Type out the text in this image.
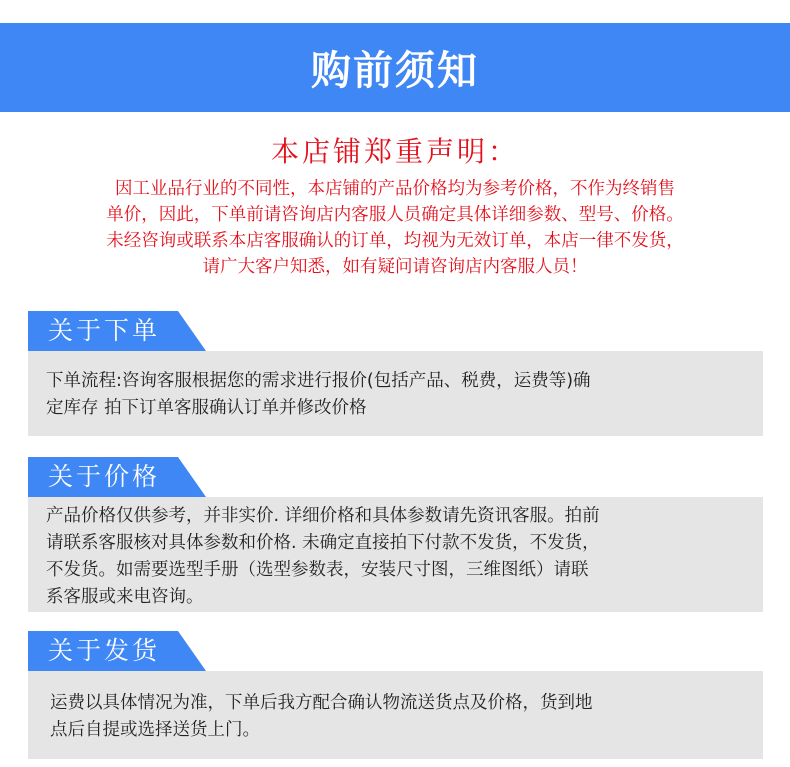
购前须知
本店铺郑重声明：
因工业品行业的不同性，本店铺的产品价格均为参考价格，不作为终销售
单价，因此，下单前请咨询店内客服人员确定具体详细参数、型号、价格。
未经咨询或联系本店客服确认的订单，均视为无效订单，本店一律不发货，
请广大客户知悉，如有疑问请咨询店内客服人员！
关于下单
下单流程:咨询客服根据您的需求进行报价(包括产品、税费，运费等)确
定库存 拍下订单客服确认订单并修改价格
关于价格
产品价格仅供参考，并非实价. 详细价格和具体参数请先资讯客服。拍前
请联系客服核对具体参数和价格. 未确定直接拍下付款不发货，不发货，
不发货。如需要选型手册（选型参数表，安装尺寸图，三维图纸）请联
系客服或来电咨询。
关于发货
运费以具体情况为准，下单后我方配合确认物流送货点及价格，货到地
点后自提或选择送货上门。
